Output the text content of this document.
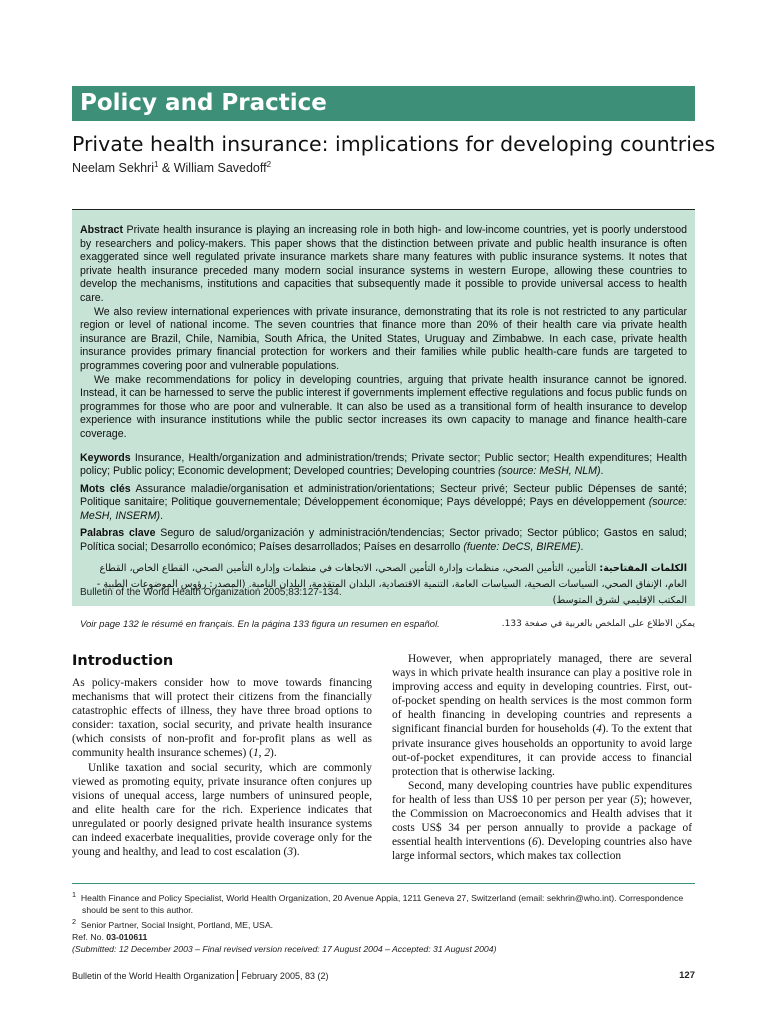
Policy and Practice
Private health insurance: implications for developing countries
Neelam Sekhri$^1$ & William Savedoff$^2$

Abstract Private health insurance is playing an increasing role in both high- and low-income countries, yet is poorly understood by researchers and policy-makers. This paper shows that the distinction between private and public health insurance is often exaggerated since well regulated private insurance markets share many features with public insurance systems. It notes that private health insurance preceded many modern social insurance systems in western Europe, allowing these countries to develop the mechanisms, institutions and capacities that subsequently made it possible to provide universal access to health care.

We also review international experiences with private insurance, demonstrating that its role is not restricted to any particular region or level of national income. The seven countries that finance more than 20% of their health care via private health insurance are Brazil, Chile, Namibia, South Africa, the United States, Uruguay and Zimbabwe. In each case, private health insurance provides primary financial protection for workers and their families while public health-care funds are targeted to programmes covering poor and vulnerable populations.

We make recommendations for policy in developing countries, arguing that private health insurance cannot be ignored. Instead, it can be harnessed to serve the public interest if governments implement effective regulations and focus public funds on programmes for those who are poor and vulnerable. It can also be used as a transitional form of health insurance to develop experience with insurance institutions while the public sector increases its own capacity to manage and finance health-care coverage.

Keywords Insurance, Health/organization and administration/trends; Private sector; Public sector; Health expenditures; Health policy; Public policy; Economic development; Developed countries; Developing countries (source: MeSH, NLM).

Mots clés Assurance maladie/organisation et administration/orientations; Secteur privé; Secteur public Dépenses de santé; Politique sanitaire; Politique gouvernementale; Développement économique; Pays développé; Pays en développement (source: MeSH, INSERM).

Palabras clave Seguro de salud/organización y administración/tendencias; Sector privado; Sector público; Gastos en salud; Política social; Desarrollo económico; Países desarrollados; Países en desarrollo (fuente: DeCS, BIREME).

الكلمات المفتاحية: التأمين، التأمين الصحي، منظمات وإدارة التأمين الصحي، الاتجاهات في منظمات وإدارة التأمين الصحي، القطاع الخاص، القطاع العام، الإنفاق الصحي، السياسات الصحية، السياسات العامة، التنمية الاقتصادية، البلدان المتقدمة، البلدان النامية. (المصدر: رؤوس الموضوعات الطبية - المكتب الإقليمي لشرق المتوسط)
Bulletin of the World Health Organization 2005;83:127-134.
Voir page 132 le résumé en français. En la página 133 figura un resumen en español.	يمكن الاطلاع على الملخص بالعربية في صفحة 133.
Introduction

As policy-makers consider how to move towards financing mechanisms that will protect their citizens from the financially catastrophic effects of illness, they have three broad options to consider: taxation, social security, and private health insurance (which consists of non-profit and for-profit plans as well as community health insurance schemes) (1, 2).

Unlike taxation and social security, which are commonly viewed as promoting equity, private insurance often conjures up visions of unequal access, large numbers of uninsured people, and elite health care for the rich. Experience indicates that unregulated or poorly designed private health insurance systems can indeed exacerbate inequalities, provide coverage only for the young and healthy, and lead to cost escalation (3).

However, when appropriately managed, there are several ways in which private health insurance can play a positive role in improving access and equity in developing countries. First, out-of-pocket spending on health services is the most common form of health financing in developing countries and represents a significant financial burden for households (4). To the extent that private insurance gives households an opportunity to avoid large out-of-pocket expenditures, it can provide access to financial protection that is otherwise lacking.

Second, many developing countries have public expenditures for health of less than US$ 10 per person per year (5); however, the Commission on Macroeconomics and Health advises that it costs US$ 34 per person annually to provide a package of essential health interventions (6). Developing countries also have large informal sectors, which makes tax collection

$^1$ Health Finance and Policy Specialist, World Health Organization, 20 Avenue Appia, 1211 Geneva 27, Switzerland (email: sekhrin@who.int). Correspondence should be sent to this author.
$^2$ Senior Partner, Social Insight, Portland, ME, USA.
Ref. No. 03-010611
(Submitted: 12 December 2003 – Final revised version received: 17 August 2004 – Accepted: 31 August 2004)
Bulletin of the World Health Organization February 2005, 83 (2)	127
